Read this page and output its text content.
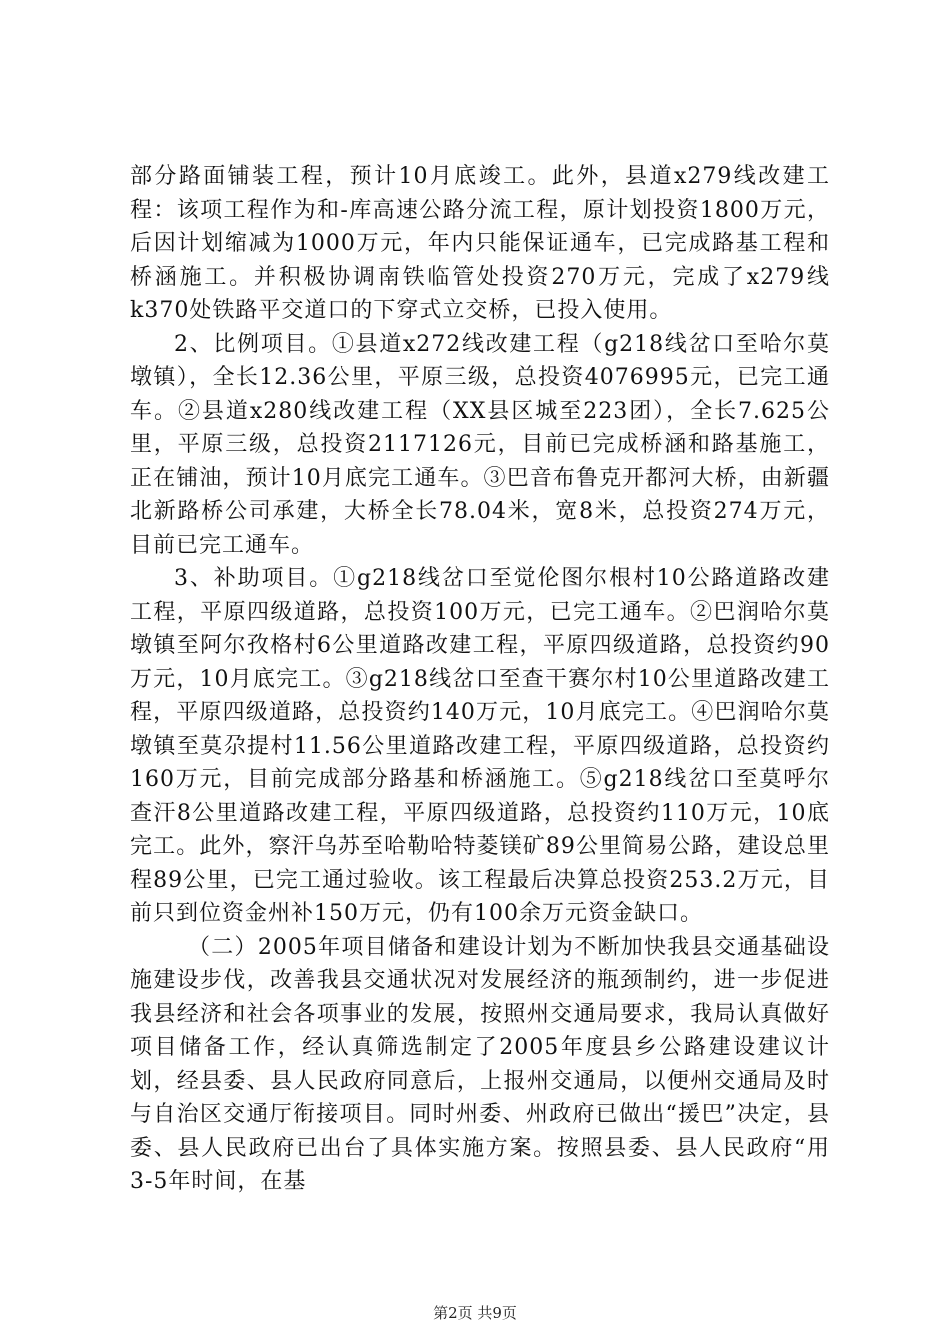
部分路面铺装工程，预计10月底竣工。此外，县道x279线改建工程：该项工程作为和-库高速公路分流工程，原计划投资1800万元，后因计划缩减为1000万元，年内只能保证通车，已完成路基工程和桥涵施工。并积极协调南铁临管处投资270万元，完成了x279线k370处铁路平交道口的下穿式立交桥，已投入使用。

2、比例项目。①县道x272线改建工程（g218线岔口至哈尔莫墩镇），全长12.36公里，平原三级，总投资4076995元，已完工通车。②县道x280线改建工程（XX县区城至223团），全长7.625公里，平原三级，总投资2117126元，目前已完成桥涵和路基施工，正在铺油，预计10月底完工通车。③巴音布鲁克开都河大桥，由新疆北新路桥公司承建，大桥全长78.04米，宽8米，总投资274万元，目前已完工通车。

3、补助项目。①g218线岔口至觉伦图尔根村10公路道路改建工程，平原四级道路，总投资100万元，已完工通车。②巴润哈尔莫墩镇至阿尔孜格村6公里道路改建工程，平原四级道路，总投资约90万元，10月底完工。③g218线岔口至查干赛尔村10公里道路改建工程，平原四级道路，总投资约140万元，10月底完工。④巴润哈尔莫墩镇至莫尕提村11.56公里道路改建工程，平原四级道路，总投资约160万元，目前完成部分路基和桥涵施工。⑤g218线岔口至莫呼尔查汗8公里道路改建工程，平原四级道路，总投资约110万元，10底完工。此外，察汗乌苏至哈勒哈特菱镁矿89公里简易公路，建设总里程89公里，已完工通过验收。该工程最后决算总投资253.2万元，目前只到位资金州补150万元，仍有100余万元资金缺口。

（二）2005年项目储备和建设计划为不断加快我县交通基础设施建设步伐，改善我县交通状况对发展经济的瓶颈制约，进一步促进我县经济和社会各项事业的发展，按照州交通局要求，我局认真做好项目储备工作，经认真筛选制定了2005年度县乡公路建设建议计划，经县委、县人民政府同意后，上报州交通局，以便州交通局及时与自治区交通厅衔接项目。同时州委、州政府已做出“援巴”决定，县委、县人民政府已出台了具体实施方案。按照县委、县人民政府“用3-5年时间，在基

第2页 共9页
